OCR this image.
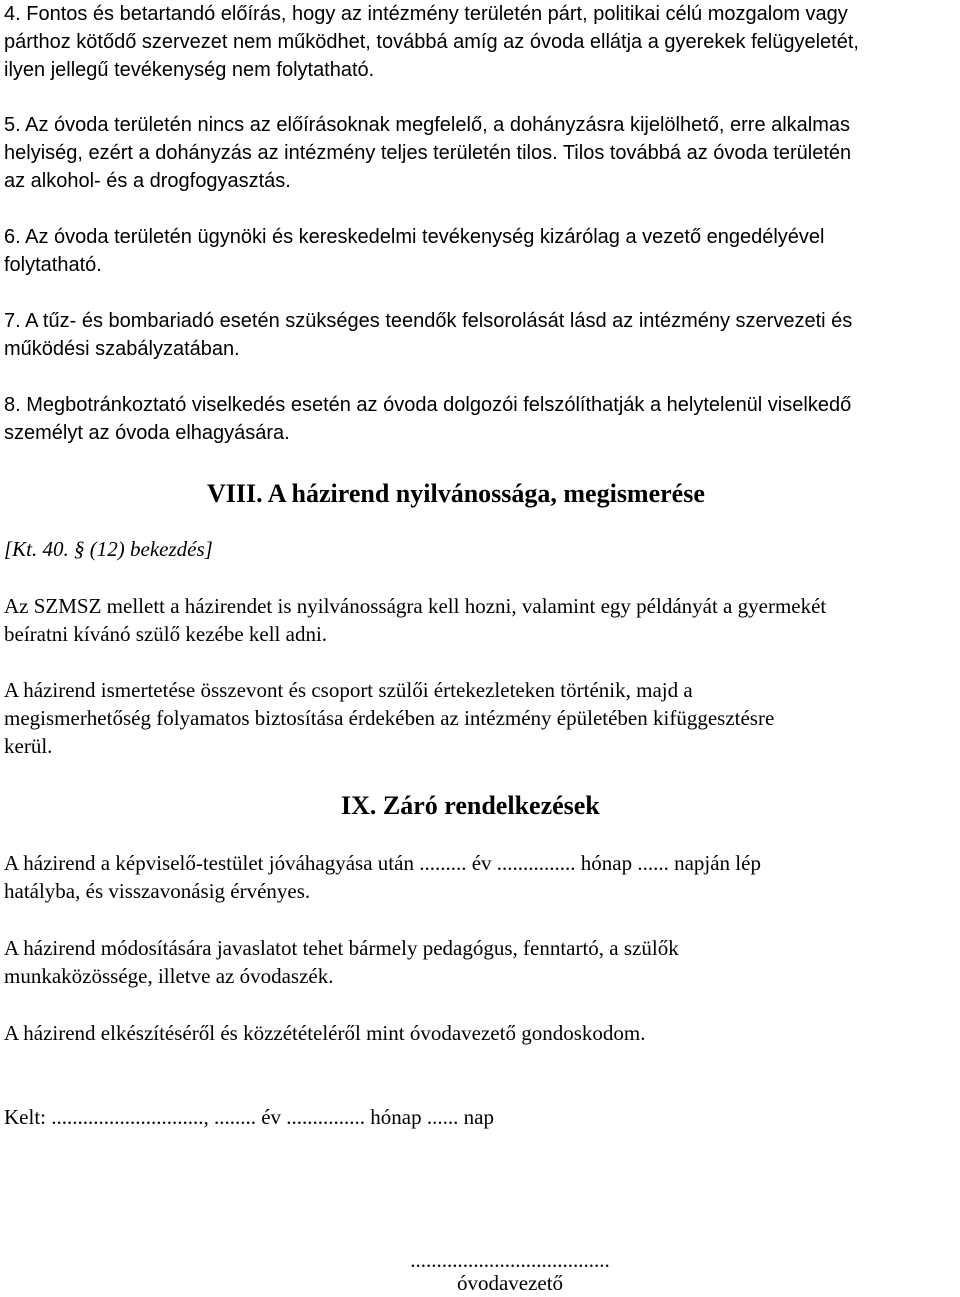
4. Fontos és betartandó előírás, hogy az intézmény területén párt, politikai célú mozgalom vagy
párthoz kötődő szervezet nem működhet, továbbá amíg az óvoda ellátja a gyerekek felügyeletét,
ilyen jellegű tevékenység nem folytatható.

5. Az óvoda területén nincs az előírásoknak megfelelő, a dohányzásra kijelölhető, erre alkalmas
helyiség, ezért a dohányzás az intézmény teljes területén tilos. Tilos továbbá az óvoda területén
az alkohol- és a drogfogyasztás.

6. Az óvoda területén ügynöki és kereskedelmi tevékenység kizárólag a vezető engedélyével
folytatható.

7. A tűz- és bombariadó esetén szükséges teendők felsorolását lásd az intézmény szervezeti és
működési szabályzatában.

8. Megbotránkoztató viselkedés esetén az óvoda dolgozói felszólíthatják a helytelenül viselkedő
személyt az óvoda elhagyására.

VIII. A házirend nyilvánossága, megismerése

[Kt. 40. § (12) bekezdés]

Az SZMSZ mellett a házirendet is nyilvánosságra kell hozni, valamint egy példányát a gyermekét
beíratni kívánó szülő kezébe kell adni.

A házirend ismertetése összevont és csoport szülői értekezleteken történik, majd a
megismerhetőség folyamatos biztosítása érdekében az intézmény épületében kifüggesztésre
kerül.

IX. Záró rendelkezések

A házirend a képviselő-testület jóváhagyása után ......... év ............... hónap ...... napján lép
hatályba, és visszavonásig érvényes.

A házirend módosítására javaslatot tehet bármely pedagógus, fenntartó, a szülők
munkaközössége, illetve az óvodaszék.

A házirend elkészítéséről és közzétételéről mint óvodavezető gondoskodom.

Kelt: ............................., ........ év ............... hónap ...... nap

......................................

óvodavezető
